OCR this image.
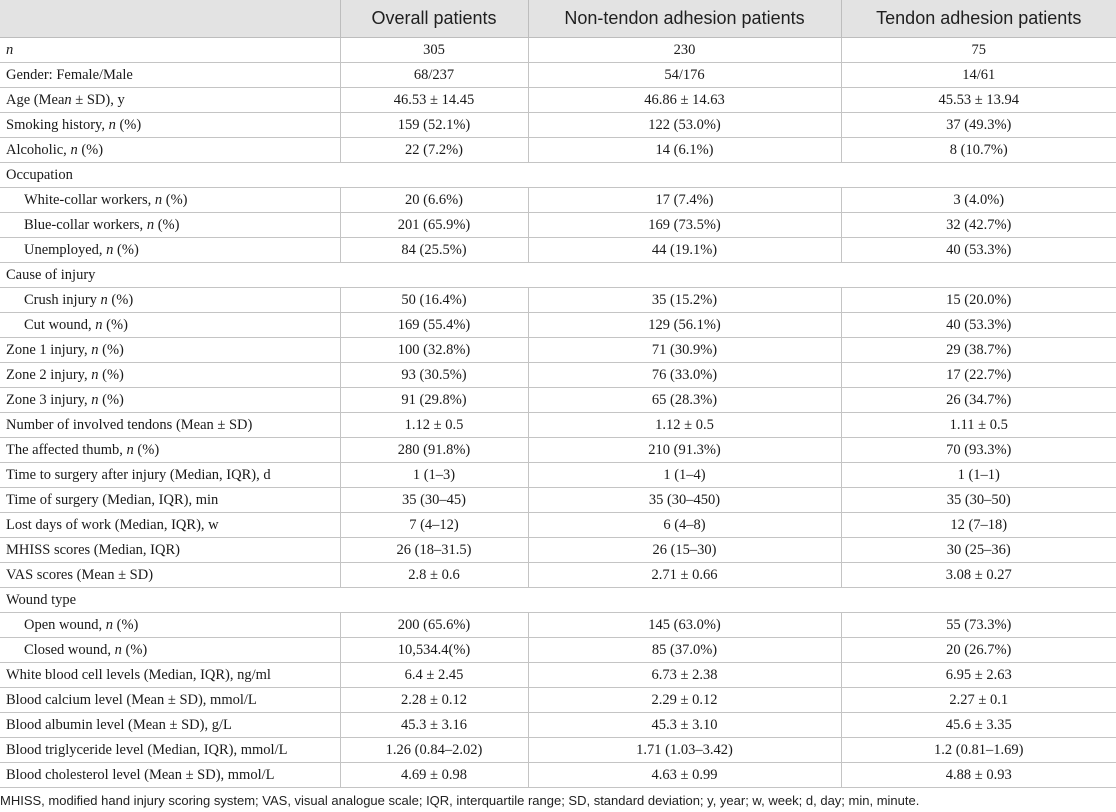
	Overall patients	Non-tendon adhesion patients	Tendon adhesion patients
n	305	230	75
Gender: Female/Male	68/237	54/176	14/61
Age (Mean ± SD), y	46.53 ± 14.45	46.86 ± 14.63	45.53 ± 13.94
Smoking history, n (%)	159 (52.1%)	122 (53.0%)	37 (49.3%)
Alcoholic, n (%)	22 (7.2%)	14 (6.1%)	8 (10.7%)
Occupation			
White-collar workers, n (%)	20 (6.6%)	17 (7.4%)	3 (4.0%)
Blue-collar workers, n (%)	201 (65.9%)	169 (73.5%)	32 (42.7%)
Unemployed, n (%)	84 (25.5%)	44 (19.1%)	40 (53.3%)
Cause of injury			
Crush injury n (%)	50 (16.4%)	35 (15.2%)	15 (20.0%)
Cut wound, n (%)	169 (55.4%)	129 (56.1%)	40 (53.3%)
Zone 1 injury, n (%)	100 (32.8%)	71 (30.9%)	29 (38.7%)
Zone 2 injury, n (%)	93 (30.5%)	76 (33.0%)	17 (22.7%)
Zone 3 injury, n (%)	91 (29.8%)	65 (28.3%)	26 (34.7%)
Number of involved tendons (Mean ± SD)	1.12 ± 0.5	1.12 ± 0.5	1.11 ± 0.5
The affected thumb, n (%)	280 (91.8%)	210 (91.3%)	70 (93.3%)
Time to surgery after injury (Median, IQR), d	1 (1–3)	1 (1–4)	1 (1–1)
Time of surgery (Median, IQR), min	35 (30–45)	35 (30–450)	35 (30–50)
Lost days of work (Median, IQR), w	7 (4–12)	6 (4–8)	12 (7–18)
MHISS scores (Median, IQR)	26 (18–31.5)	26 (15–30)	30 (25–36)
VAS scores (Mean ± SD)	2.8 ± 0.6	2.71 ± 0.66	3.08 ± 0.27
Wound type			
Open wound, n (%)	200 (65.6%)	145 (63.0%)	55 (73.3%)
Closed wound, n (%)	10,534.4(%)	85 (37.0%)	20 (26.7%)
White blood cell levels (Median, IQR), ng/ml	6.4 ± 2.45	6.73 ± 2.38	6.95 ± 2.63
Blood calcium level (Mean ± SD), mmol/L	2.28 ± 0.12	2.29 ± 0.12	2.27 ± 0.1
Blood albumin level (Mean ± SD), g/L	45.3 ± 3.16	45.3 ± 3.10	45.6 ± 3.35
Blood triglyceride level (Median, IQR), mmol/L	1.26 (0.84–2.02)	1.71 (1.03–3.42)	1.2 (0.81–1.69)
Blood cholesterol level (Mean ± SD), mmol/L	4.69 ± 0.98	4.63 ± 0.99	4.88 ± 0.93
MHISS, modified hand injury scoring system; VAS, visual analogue scale; IQR, interquartile range; SD, standard deviation; y, year; w, week; d, day; min, minute.
